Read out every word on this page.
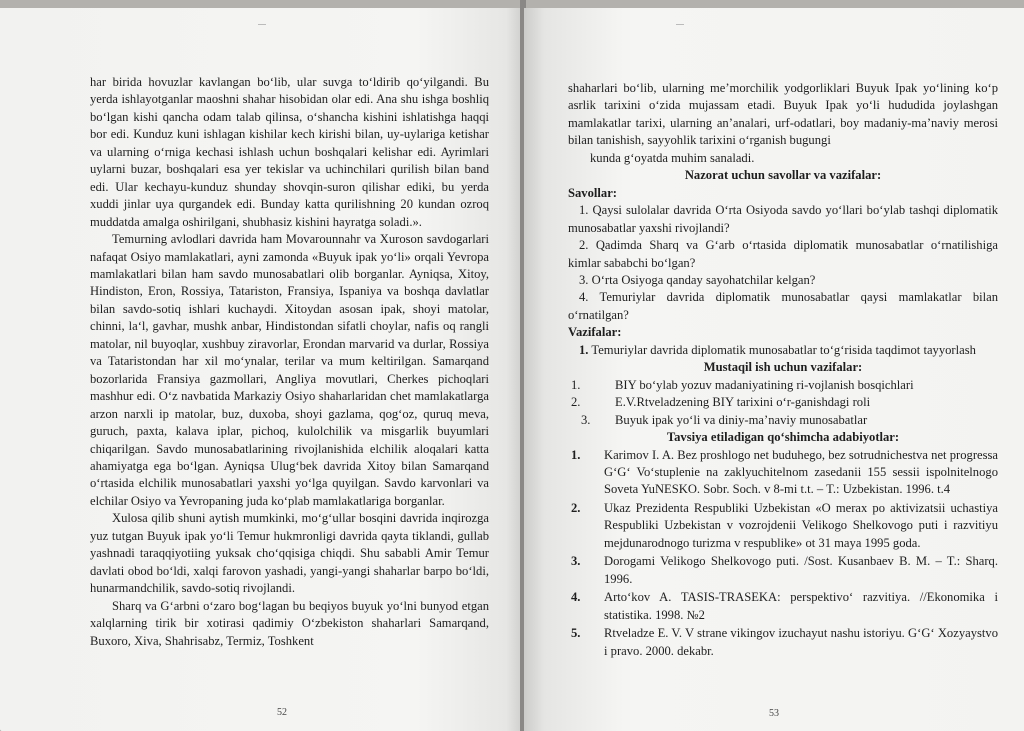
har birida hovuzlar kavlangan bo‘lib, ular suvga to‘ldirib qo‘yilgandi. Bu yerda ishlayotganlar maoshni shahar hisobidan olar edi. Ana shu ishga boshliq bo‘lgan kishi qancha odam talab qilinsa, o‘shancha kishini ishlatishga haqqi bor edi. Kunduz kuni ishlagan kishilar kech kirishi bilan, uy-uylariga ketishar va ularning o‘rniga kechasi ishlash uchun boshqalari kelishar edi. Ayrimlari uylarni buzar, boshqalari esa yer tekislar va uchinchilari qurilish bilan band edi. Ular kechayu-kunduz shunday shovqin-suron qilishar ediki, bu yerda xuddi jinlar uya qurgandek edi. Bunday katta qurilishning 20 kundan ozroq muddatda amalga oshirilgani, shubhasiz kishini hayratga soladi.».

Temurning avlodlari davrida ham Movarounnahr va Xuroson savdogarlari nafaqat Osiyo mamlakatlari, ayni zamonda «Buyuk ipak yo‘li» orqali Yevropa mamlakatlari bilan ham savdo munosabatlari olib borganlar. Ayniqsa, Xitoy, Hindiston, Eron, Rossiya, Tatariston, Fransiya, Ispaniya va boshqa davlatlar bilan savdo-sotiq ishlari kuchaydi. Xitoydan asosan ipak, shoyi matolar, chinni, la‘l, gavhar, mushk anbar, Hindistondan sifatli choylar, nafis oq rangli matolar, nil buyoqlar, xushbuy ziravorlar, Erondan marvarid va durlar, Rossiya va Tataristondan har xil mo‘ynalar, terilar va mum keltirilgan. Samarqand bozorlarida Fransiya gazmollari, Angliya movutlari, Cherkes pichoqlari mashhur edi. O‘z navbatida Markaziy Osiyo shaharlaridan chet mamlakatlarga arzon narxli ip matolar, buz, duxoba, shoyi gazlama, qog‘oz, quruq meva, guruch, paxta, kalava iplar, pichoq, kulolchilik va misgarlik buyumlari chiqarilgan. Savdo munosabatlarining rivojlanishida elchilik aloqalari katta ahamiyatga ega bo‘lgan. Ayniqsa Ulug‘bek davrida Xitoy bilan Samarqand o‘rtasida elchilik munosabatlari yaxshi yo‘lga quyilgan. Savdo karvonlari va elchilar Osiyo va Yevropaning juda ko‘plab mamlakatlariga borganlar.

Xulosa qilib shuni aytish mumkinki, mo‘g‘ullar bosqini davrida inqirozga yuz tutgan Buyuk ipak yo‘li Temur hukmronligi davrida qayta tiklandi, gullab yashnadi taraqqiyotiing yuksak cho‘qqisiga chiqdi. Shu sababli Amir Temur davlati obod bo‘ldi, xalqi farovon yashadi, yangi-yangi shaharlar barpo bo‘ldi, hunarmandchilik, savdo-sotiq rivojlandi.

Sharq va G‘arbni o‘zaro bog‘lagan bu beqiyos buyuk yo‘lni bunyod etgan xalqlarning tirik bir xotirasi qadimiy O‘zbekiston shaharlari Samarqand, Buxoro, Xiva, Shahrisabz, Termiz, Toshkent

52

shaharlari bo‘lib, ularning me’morchilik yodgorliklari Buyuk Ipak yo‘lining ko‘p asrlik tarixini o‘zida mujassam etadi. Buyuk Ipak yo‘li hududida joylashgan mamlakatlar tarixi, ularning an’analari, urf-odatlari, boy madaniy-ma’naviy merosi bilan tanishish, sayyohlik tarixini o‘rganish bugungi

kunda g‘oyatda muhim sanaladi.

Nazorat uchun savollar va vazifalar:

Savollar:

1. Qaysi sulolalar davrida O‘rta Osiyoda savdo yo‘llari bo‘ylab tashqi diplomatik munosabatlar yaxshi rivojlandi?
2. Qadimda Sharq va G‘arb o‘rtasida diplomatik munosabatlar o‘rnatilishiga kimlar sababchi bo‘lgan?
3. O‘rta Osiyoga qanday sayohatchilar kelgan?
4. Temuriylar davrida diplomatik munosabatlar qaysi mamlakatlar bilan o‘rnatilgan?

Vazifalar:

1. Temuriylar davrida diplomatik munosabatlar to‘g‘risida taqdimot tayyorlash

Mustaqil ish uchun vazifalar:

1.	BIY bo‘ylab yozuv madaniyatining ri-vojlanish bosqichlari
2.	E.V.Rtveladzening BIY tarixini o‘r-ganishdagi roli
3.	Buyuk ipak yo‘li va diniy-ma’naviy munosabatlar

Tavsiya etiladigan qo‘shimcha adabiyotlar:

1.	Karimov I. A. Bez proshlogo net buduhego, bez sotrudnichestva net progressa G‘G‘ Vo‘stuplenie na zaklyuchitelnom zasedanii 155 sessii ispolnitelnogo Soveta YuNESKO. Sobr. Soch. v 8-mi t.t. – T.: Uzbekistan. 1996. t.4
2.	Ukaz Prezidenta Respubliki Uzbekistan «O merax po aktivizatsii uchastiya Respubliki Uzbekistan v vozrojdenii Velikogo Shelkovogo puti i razvitiyu mejdunarodnogo turizma v respublike» ot 31 maya 1995 goda.
3.	Dorogami Velikogo Shelkovogo puti. /Sost. Kusanbaev B. M. – T.: Sharq. 1996.
4.	Arto‘kov A. TASIS-TRASEKA: perspektivo‘ razvitiya. //Ekonomika i statistika. 1998. №2
5.	Rtveladze E. V. V strane vikingov izuchayut nashu istoriyu. G‘G‘ Xozyaystvo i pravo. 2000. dekabr.
53
